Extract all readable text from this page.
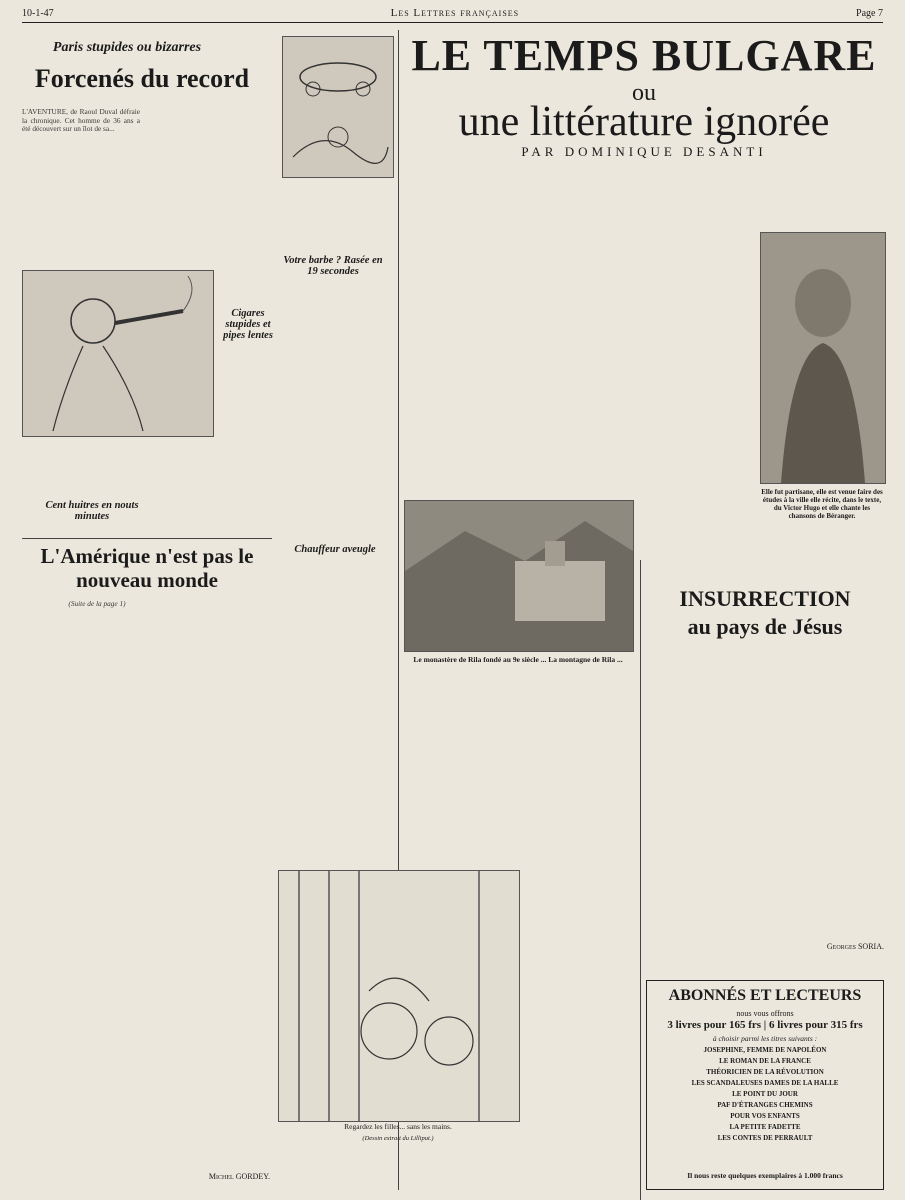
10-1-47	Les Lettres françaises	Page 7
Paris stupides ou bizarres
Forcenés du record
L'AVENTURE, de Raoul Duval défraie la chronique. Cet homme de 36 ans a été découvert sur un îlot de sa...
Cigares stupides et pipes lentes
Cent huitres en nouts minutes
Votre barbe ? Rasée en 19 secondes
L'Amérique n'est pas le nouveau monde
(Suite de la page 1)
Michel GORDEY.
Chauffeur aveugle
LE TEMPS BULGARE
ou
une littérature ignorée
PAR DOMINIQUE DESANTI
Elle fut partisane, elle est venue faire des études à la ville elle récite, dans le texte, du Victor Hugo et elle chante les chansons de Béranger.
Le monastère de Rila fondé au 9e siècle ... La montagne de Rila ...
Regardez les filles... sans les mains.
(Dessin extrait du Lilliput.)
INSURRECTION
au pays de Jésus
Georges SORIA.
ABONNÉS ET LECTEURS
nous vous offrons
3 livres pour 165 frs | 6 livres pour 315 frs
à choisir parmi les titres suivants :
JOSEPHINE, FEMME DE NAPOLÉON
LE ROMAN DE LA FRANCE
THÉORICIEN DE LA RÉVOLUTION
LES SCANDALEUSES DAMES DE LA HALLE
LE POINT DU JOUR
PAF D'ÉTRANGES CHEMINS
POUR VOS ENFANTS
LA PETITE FADETTE
LES CONTES DE PERRAULT
Il nous reste quelques exemplaires à 1.000 francs
